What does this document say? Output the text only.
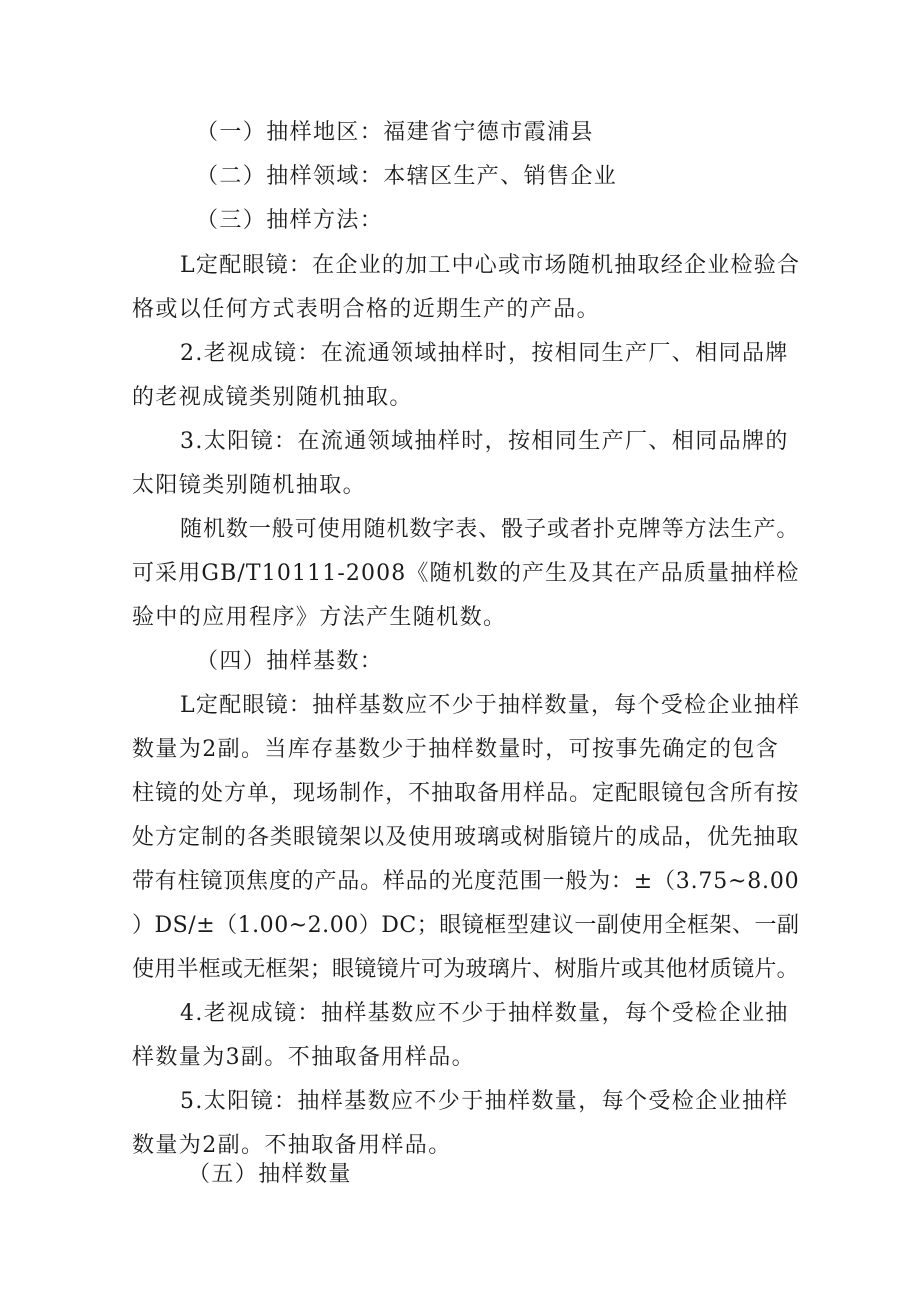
（一）抽样地区：福建省宁德市霞浦县
（二）抽样领域：本辖区生产、销售企业
（三）抽样方法：
L定配眼镜：在企业的加工中心或市场随机抽取经企业检验合
格或以任何方式表明合格的近期生产的产品。
2.老视成镜：在流通领域抽样时，按相同生产厂、相同品牌
的老视成镜类别随机抽取。
3.太阳镜：在流通领域抽样时，按相同生产厂、相同品牌的
太阳镜类别随机抽取。
随机数一般可使用随机数字表、骰子或者扑克牌等方法生产。
可采用GB/T10111-2008《随机数的产生及其在产品质量抽样检
验中的应用程序》方法产生随机数。
（四）抽样基数：
L定配眼镜：抽样基数应不少于抽样数量，每个受检企业抽样
数量为2副。当库存基数少于抽样数量时，可按事先确定的包含
柱镜的处方单，现场制作，不抽取备用样品。定配眼镜包含所有按
处方定制的各类眼镜架以及使用玻璃或树脂镜片的成品，优先抽取
带有柱镜顶焦度的产品。样品的光度范围一般为：±（3.75~8.00
）DS/±（1.00~2.00）DC；眼镜框型建议一副使用全框架、一副
使用半框或无框架；眼镜镜片可为玻璃片、树脂片或其他材质镜片。
4.老视成镜：抽样基数应不少于抽样数量，每个受检企业抽
样数量为3副。不抽取备用样品。
5.太阳镜：抽样基数应不少于抽样数量，每个受检企业抽样
数量为2副。不抽取备用样品。
（五）抽样数量
